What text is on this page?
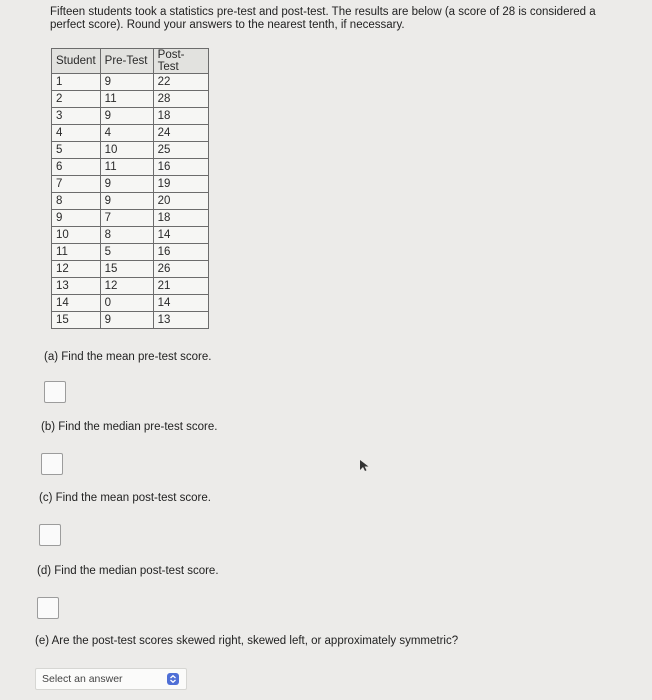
Fifteen students took a statistics pre-test and post-test. The results are below (a score of 28 is considered a perfect score). Round your answers to the nearest tenth, if necessary.
Student	Pre-Test	Post-Test
1	9	22
2	11	28
3	9	18
4	4	24
5	10	25
6	11	16
7	9	19
8	9	20
9	7	18
10	8	14
11	5	16
12	15	26
13	12	21
14	0	14
15	9	13
(a) Find the mean pre-test score.
(b) Find the median pre-test score.
(c) Find the mean post-test score.
(d) Find the median post-test score.
(e) Are the post-test scores skewed right, skewed left, or approximately symmetric?
Select an answer
